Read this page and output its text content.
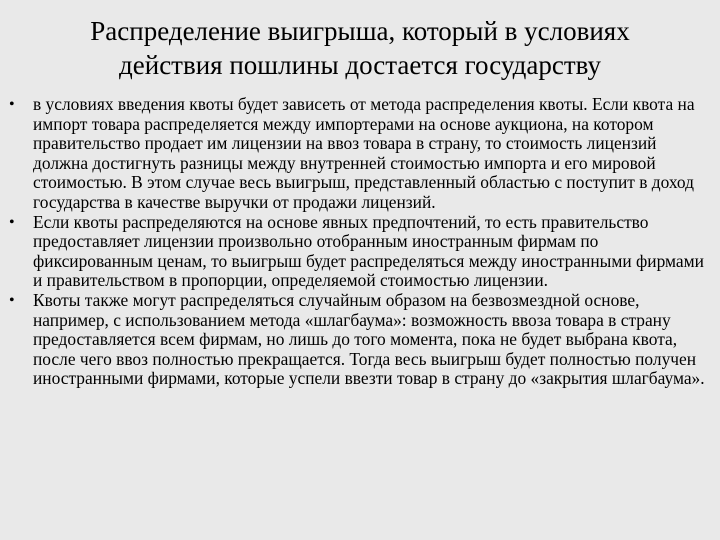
Распределение выигрыша, который в условиях действия пошлины достается государству
• в условиях введения квоты будет зависеть от метода распределения квоты. Если квота на импорт товара распределяется между импортерами на основе аукциона, на котором правительство продает им лицензии на ввоз товара в страну, то стоимость лицензий должна достигнуть разницы между внутренней стоимостью импорта и его мировой стоимостью. В этом случае весь выигрыш, представленный областью с поступит в доход государства в качестве выручки от продажи лицензий.
• Если квоты распределяются на основе явных предпочтений, то есть правительство предоставляет лицензии произвольно отобранным иностранным фирмам по фиксированным ценам, то выигрыш будет распределяться между иностранными фирмами и правительством в пропорции, определяемой стоимостью лицензии.
• Квоты также могут распределяться случайным образом на безвозмездной основе, например, с использованием метода «шлагбаума»: возможность ввоза товара в страну предоставляется всем фирмам, но лишь до того момента, пока не будет выбрана квота, после чего ввоз полностью прекращается. Тогда весь выигрыш будет полностью получен иностранными фирмами, которые успели ввезти товар в страну до «закрытия шлагбаума».
